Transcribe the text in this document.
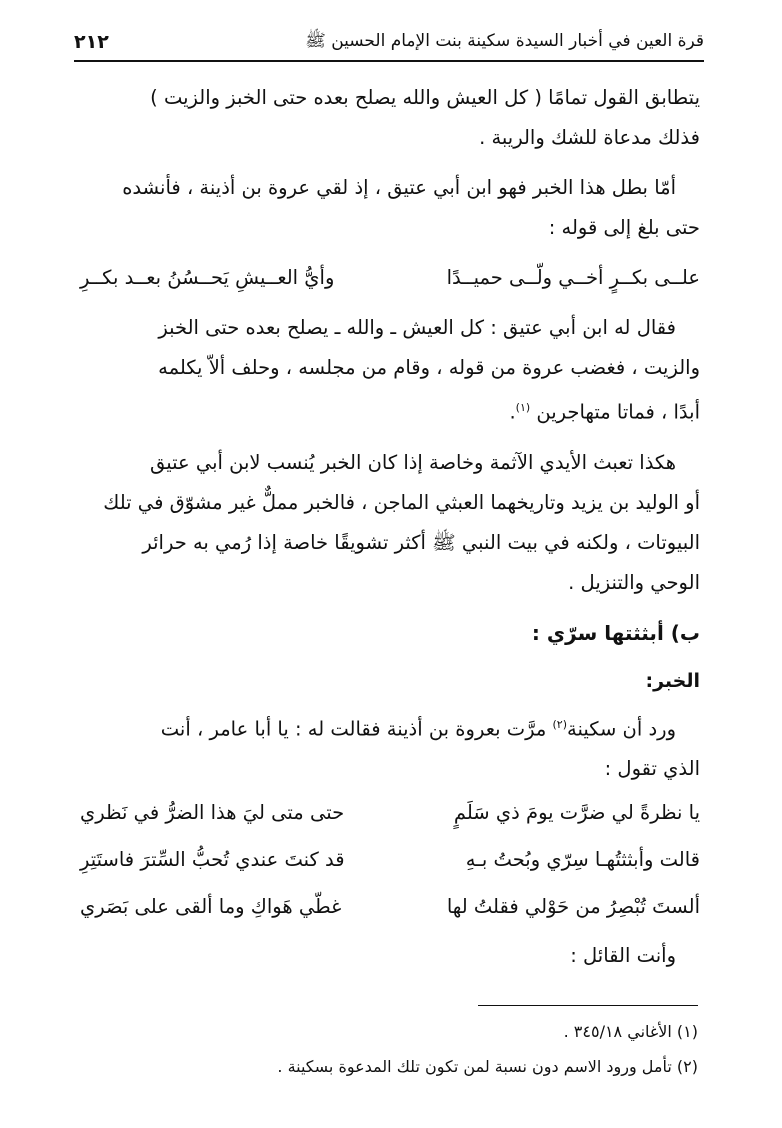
قرة العين في أخبار السيدة سكينة بنت الإمام الحسين ﷺ
٢١٢

يتطابق القول تمامًا ( كل العيش والله يصلح بعده حتى الخبز والزيت )
فذلك مدعاة للشك والريبة .

أمّا بطل هذا الخبر فهو ابن أبي عتيق ، إذ لقي عروة بن أذينة ، فأنشده
حتى بلغ إلى قوله :

علــى بكــرٍ أخــي ولّــى حميــدًا
وأيُّ العــيشِ يَحــسُنُ بعــد بكــرِ

فقال له ابن أبي عتيق : كل العيش ـ والله ـ يصلح بعده حتى الخبز
والزيت ، فغضب عروة من قوله ، وقام من مجلسه ، وحلف ألاّ يكلمه
أبدًا ، فماتا متهاجرين $^{(١)}$.

هكذا تعبث الأيدي الآثمة وخاصة إذا كان الخبر يُنسب لابن أبي عتيق
أو الوليد بن يزيد وتاريخهما العبثي الماجن ، فالخبر مملٌّ غير مشوّق في تلك
البيوتات ، ولكنه في بيت النبي ﷺ أكثر تشويقًا خاصة إذا رُمي به حرائر
الوحي والتنزيل .

ب) أبثثتها سرّي :
الخبر:

ورد أن سكينة$^{(٢)}$ مرَّت بعروة بن أذينة فقالت له : يا أبا عامر ، أنت
الذي تقول :

يا نظرةً لي ضرَّت يومَ ذي سَلَمٍ
حتى متى ليَ هذا الضرُّ في نَظري
قالت وأبثثتُهـا سِرّي وبُحتُ بـهِ
قد كنتَ عندي تُحبُّ السِّترَ فاستَتِرِ
ألستَ تُبْصِرُ من حَوْلي فقلتُ لها
غطّي هَواكِ وما ألقى على بَصَري

وأنت القائل :

(١) الأغاني ٣٤٥/١٨ .
(٢) تأمل ورود الاسم دون نسبة لمن تكون تلك المدعوة بسكينة .
